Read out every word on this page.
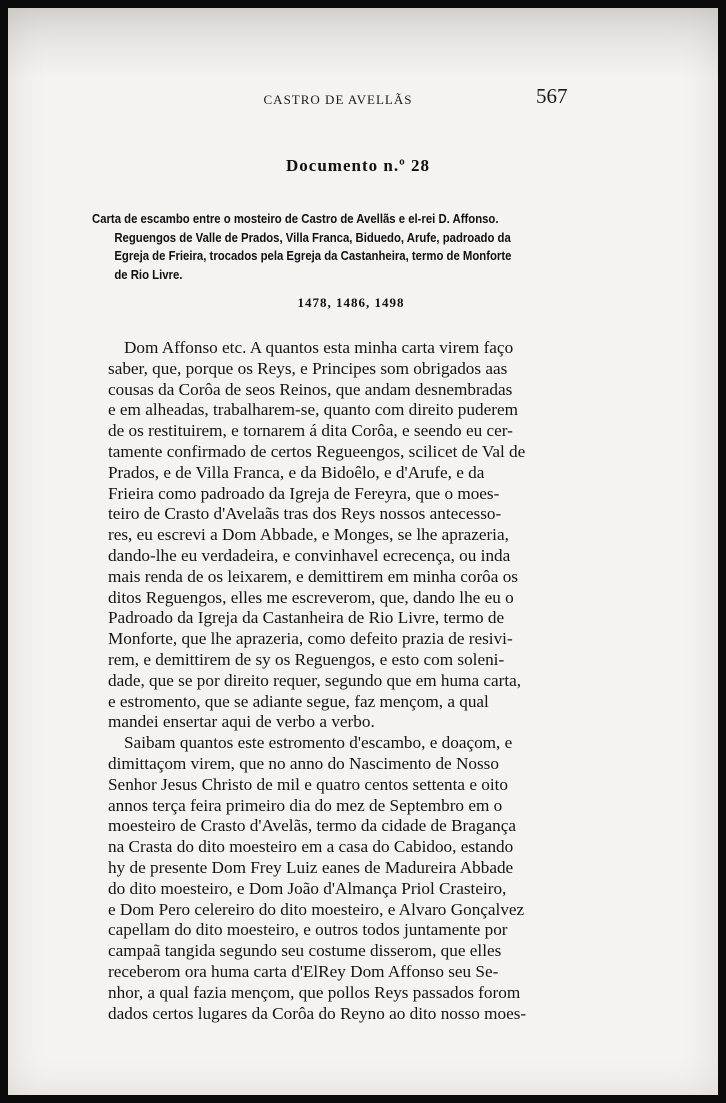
CASTRO DE AVELLÃS	567
Documento n.º 28
Carta de escambo entre o mosteiro de Castro de Avellãs e el-rei D. Affonso.
Reguengos de Valle de Prados, Villa Franca, Biduedo, Arufe, padroado da
Egreja de Frieira, trocados pela Egreja da Castanheira, termo de Monforte
de Rio Livre.
1478, 1486, 1498
Dom Affonso etc. A quantos esta minha carta virem faço
saber, que, porque os Reys, e Principes som obrigados aas
cousas da Corôa de seos Reinos, que andam desnembradas
e em alheadas, trabalharem-se, quanto com direito puderem
de os restituirem, e tornarem á dita Corôa, e seendo eu cer-
tamente confirmado de certos Regueengos, scilicet de Val de
Prados, e de Villa Franca, e da Bidoêlo, e d'Arufe, e da
Frieira como padroado da Igreja de Fereyra, que o moes-
teiro de Crasto d'Avelaãs tras dos Reys nossos antecesso-
res, eu escrevi a Dom Abbade, e Monges, se lhe aprazeria,
dando-lhe eu verdadeira, e convinhavel ecrecença, ou inda
mais renda de os leixarem, e demittirem em minha corôa os
ditos Reguengos, elles me escreverom, que, dando lhe eu o
Padroado da Igreja da Castanheira de Rio Livre, termo de
Monforte, que lhe aprazeria, como defeito prazia de resivi-
rem, e demittirem de sy os Reguengos, e esto com soleni-
dade, que se por direito requer, segundo que em huma carta,
e estromento, que se adiante segue, faz mençom, a qual
mandei ensertar aqui de verbo a verbo.
Saibam quantos este estromento d'escambo, e doaçom, e
dimittaçom virem, que no anno do Nascimento de Nosso
Senhor Jesus Christo de mil e quatro centos settenta e oito
annos terça feira primeiro dia do mez de Septembro em o
moesteiro de Crasto d'Avelãs, termo da cidade de Bragança
na Crasta do dito moesteiro em a casa do Cabidoo, estando
hy de presente Dom Frey Luiz eanes de Madureira Abbade
do dito moesteiro, e Dom João d'Almança Priol Crasteiro,
e Dom Pero celereiro do dito moesteiro, e Alvaro Gonçalvez
capellam do dito moesteiro, e outros todos juntamente por
campaã tangida segundo seu costume disserom, que elles
receberom ora huma carta d'ElRey Dom Affonso seu Se-
nhor, a qual fazia mençom, que pollos Reys passados forom
dados certos lugares da Corôa do Reyno ao dito nosso moes-
